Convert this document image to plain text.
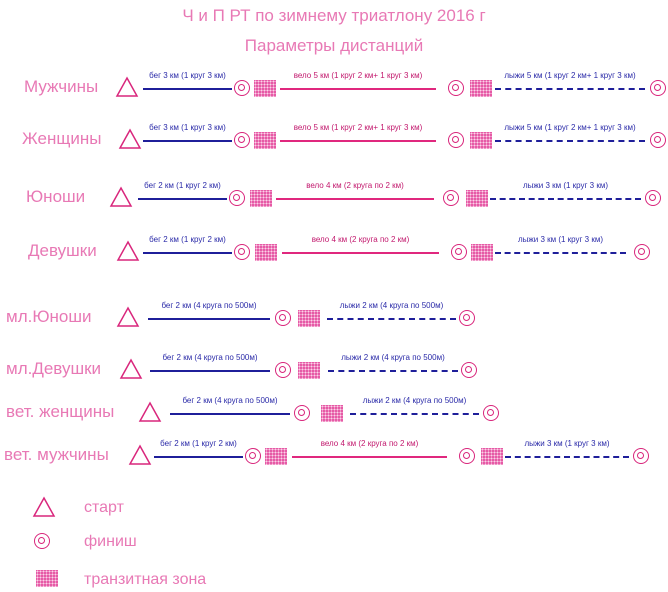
Ч и П РТ по зимнему триатлону 2016 г
Параметры дистанций
Мужчины
бег 3 км (1 круг 3 км)	вело 5 км (1 круг 2 км+ 1 круг 3 км)	лыжи 5 км (1 круг 2 км+ 1 круг 3 км)
Женщины
бег 3 км (1 круг 3 км)	вело 5 км (1 круг 2 км+ 1 круг 3 км)	лыжи 5 км (1 круг 2 км+ 1 круг 3 км)
Юноши
бег 2 км (1 круг 2 км)	вело 4 км (2 круга по 2 км)	лыжи 3 км (1 круг 3 км)
Девушки
бег 2 км (1 круг 2 км)	вело 4 км (2 круга по 2 км)	лыжи 3 км (1 круг 3 км)
мл.Юноши
бег 2 км (4 круга по 500м)	лыжи 2 км (4 круга по 500м)
мл.Девушки
бег 2 км (4 круга по 500м)	лыжи 2 км (4 круга по 500м)
вет. женщины
бег 2 км (4 круга по 500м)	лыжи 2 км (4 круга по 500м)
вет. мужчины
бег 2 км (1 круг 2 км)	вело 4 км (2 круга по 2 км)	лыжи 3 км (1 круг 3 км)
старт
финиш
транзитная зона
